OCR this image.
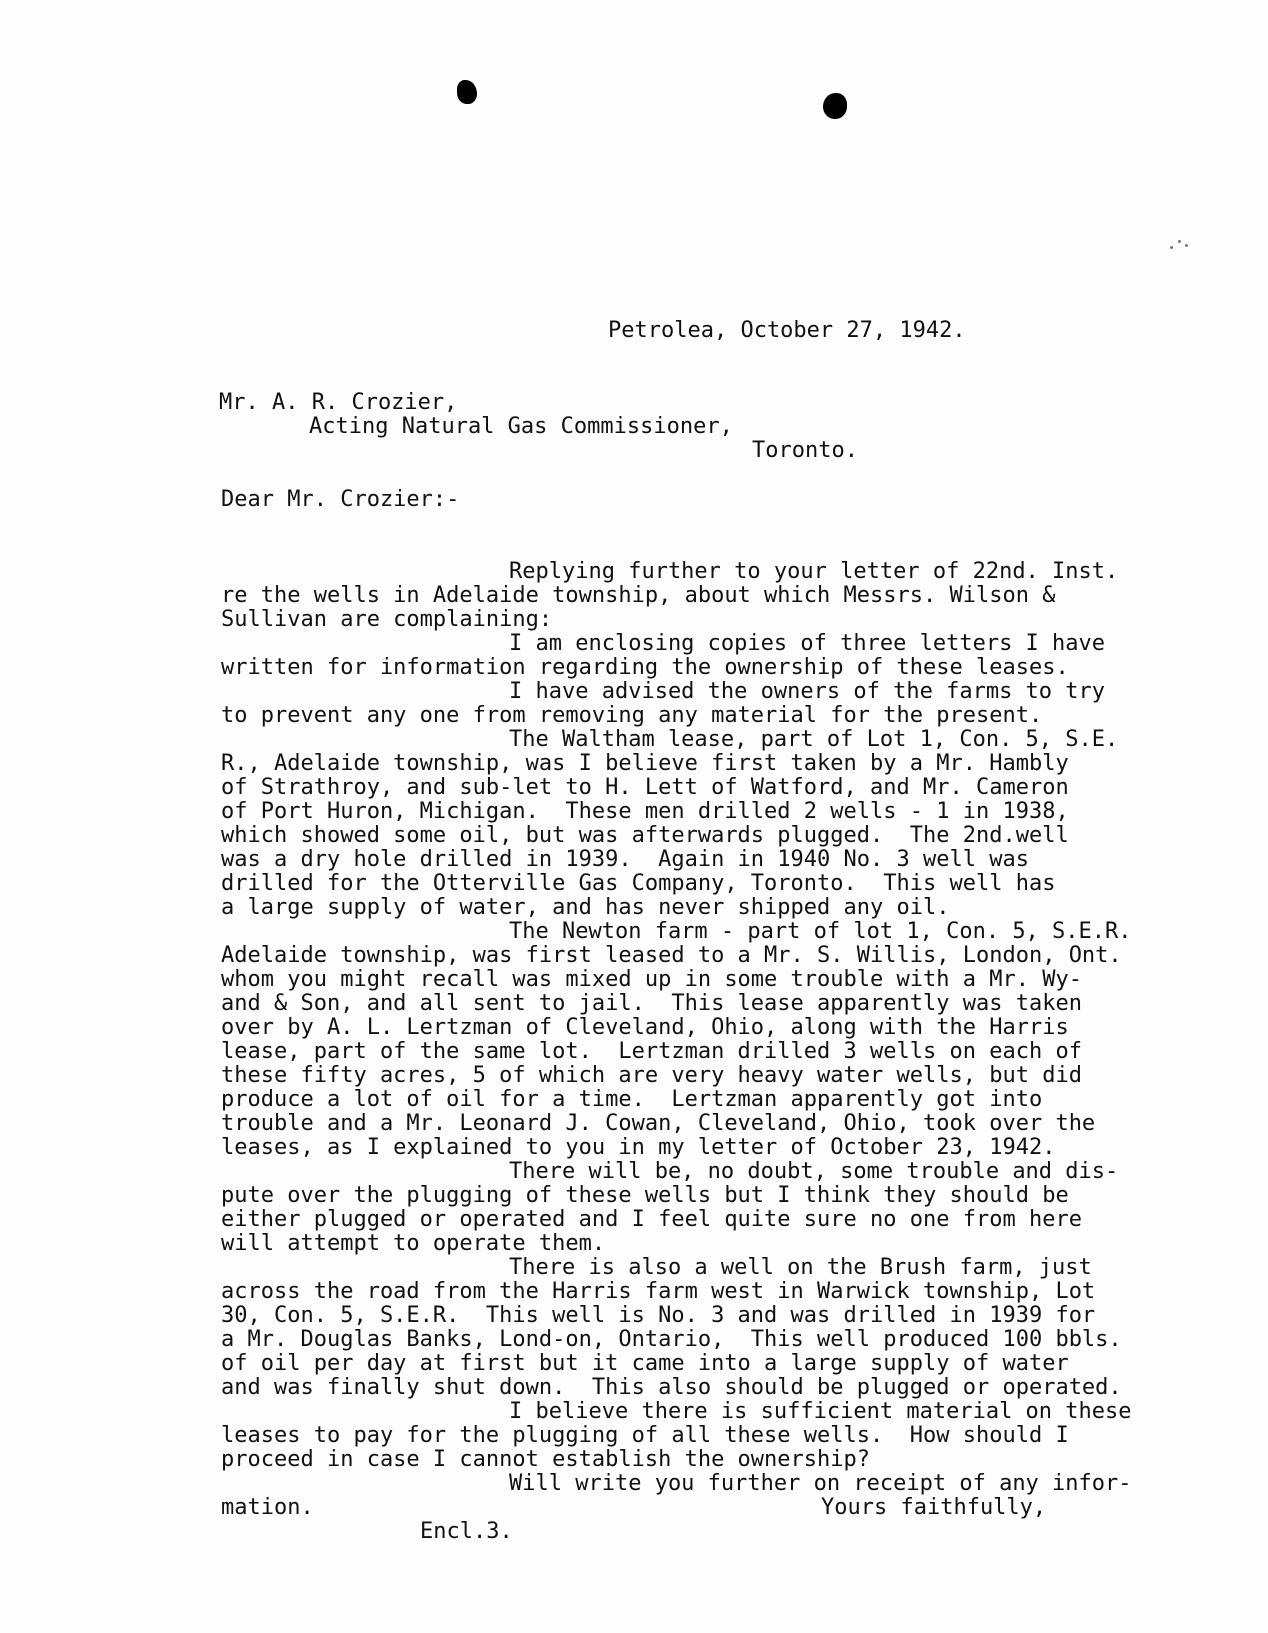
Petrolea, October 27, 1942.
Mr. A. R. Crozier,
Acting Natural Gas Commissioner,
Toronto.
Dear Mr. Crozier:-
Replying further to your letter of 22nd. Inst.
re the wells in Adelaide township, about which Messrs. Wilson &
Sullivan are complaining:
I am enclosing copies of three letters I have
written for information regarding the ownership of these leases.
I have advised the owners of the farms to try
to prevent any one from removing any material for the present.
The Waltham lease, part of Lot 1, Con. 5, S.E.
R., Adelaide township, was I believe first taken by a Mr. Hambly
of Strathroy, and sub-let to H. Lett of Watford, and Mr. Cameron
of Port Huron, Michigan.  These men drilled 2 wells - 1 in 1938,
which showed some oil, but was afterwards plugged.  The 2nd.well
was a dry hole drilled in 1939.  Again in 1940 No. 3 well was
drilled for the Otterville Gas Company, Toronto.  This well has
a large supply of water, and has never shipped any oil.
The Newton farm - part of lot 1, Con. 5, S.E.R.
Adelaide township, was first leased to a Mr. S. Willis, London, Ont.
whom you might recall was mixed up in some trouble with a Mr. Wy-
and & Son, and all sent to jail.  This lease apparently was taken
over by A. L. Lertzman of Cleveland, Ohio, along with the Harris
lease, part of the same lot.  Lertzman drilled 3 wells on each of
these fifty acres, 5 of which are very heavy water wells, but did
produce a lot of oil for a time.  Lertzman apparently got into
trouble and a Mr. Leonard J. Cowan, Cleveland, Ohio, took over the
leases, as I explained to you in my letter of October 23, 1942.
There will be, no doubt, some trouble and dis-
pute over the plugging of these wells but I think they should be
either plugged or operated and I feel quite sure no one from here
will attempt to operate them.
There is also a well on the Brush farm, just
across the road from the Harris farm west in Warwick township, Lot
30, Con. 5, S.E.R.  This well is No. 3 and was drilled in 1939 for
a Mr. Douglas Banks, Lond-on, Ontario,  This well produced 100 bbls.
of oil per day at first but it came into a large supply of water
and was finally shut down.  This also should be plugged or operated.
I believe there is sufficient material on these
leases to pay for the plugging of all these wells.  How should I
proceed in case I cannot establish the ownership?
Will write you further on receipt of any infor-
mation.	Yours faithfully,
Encl.3.
